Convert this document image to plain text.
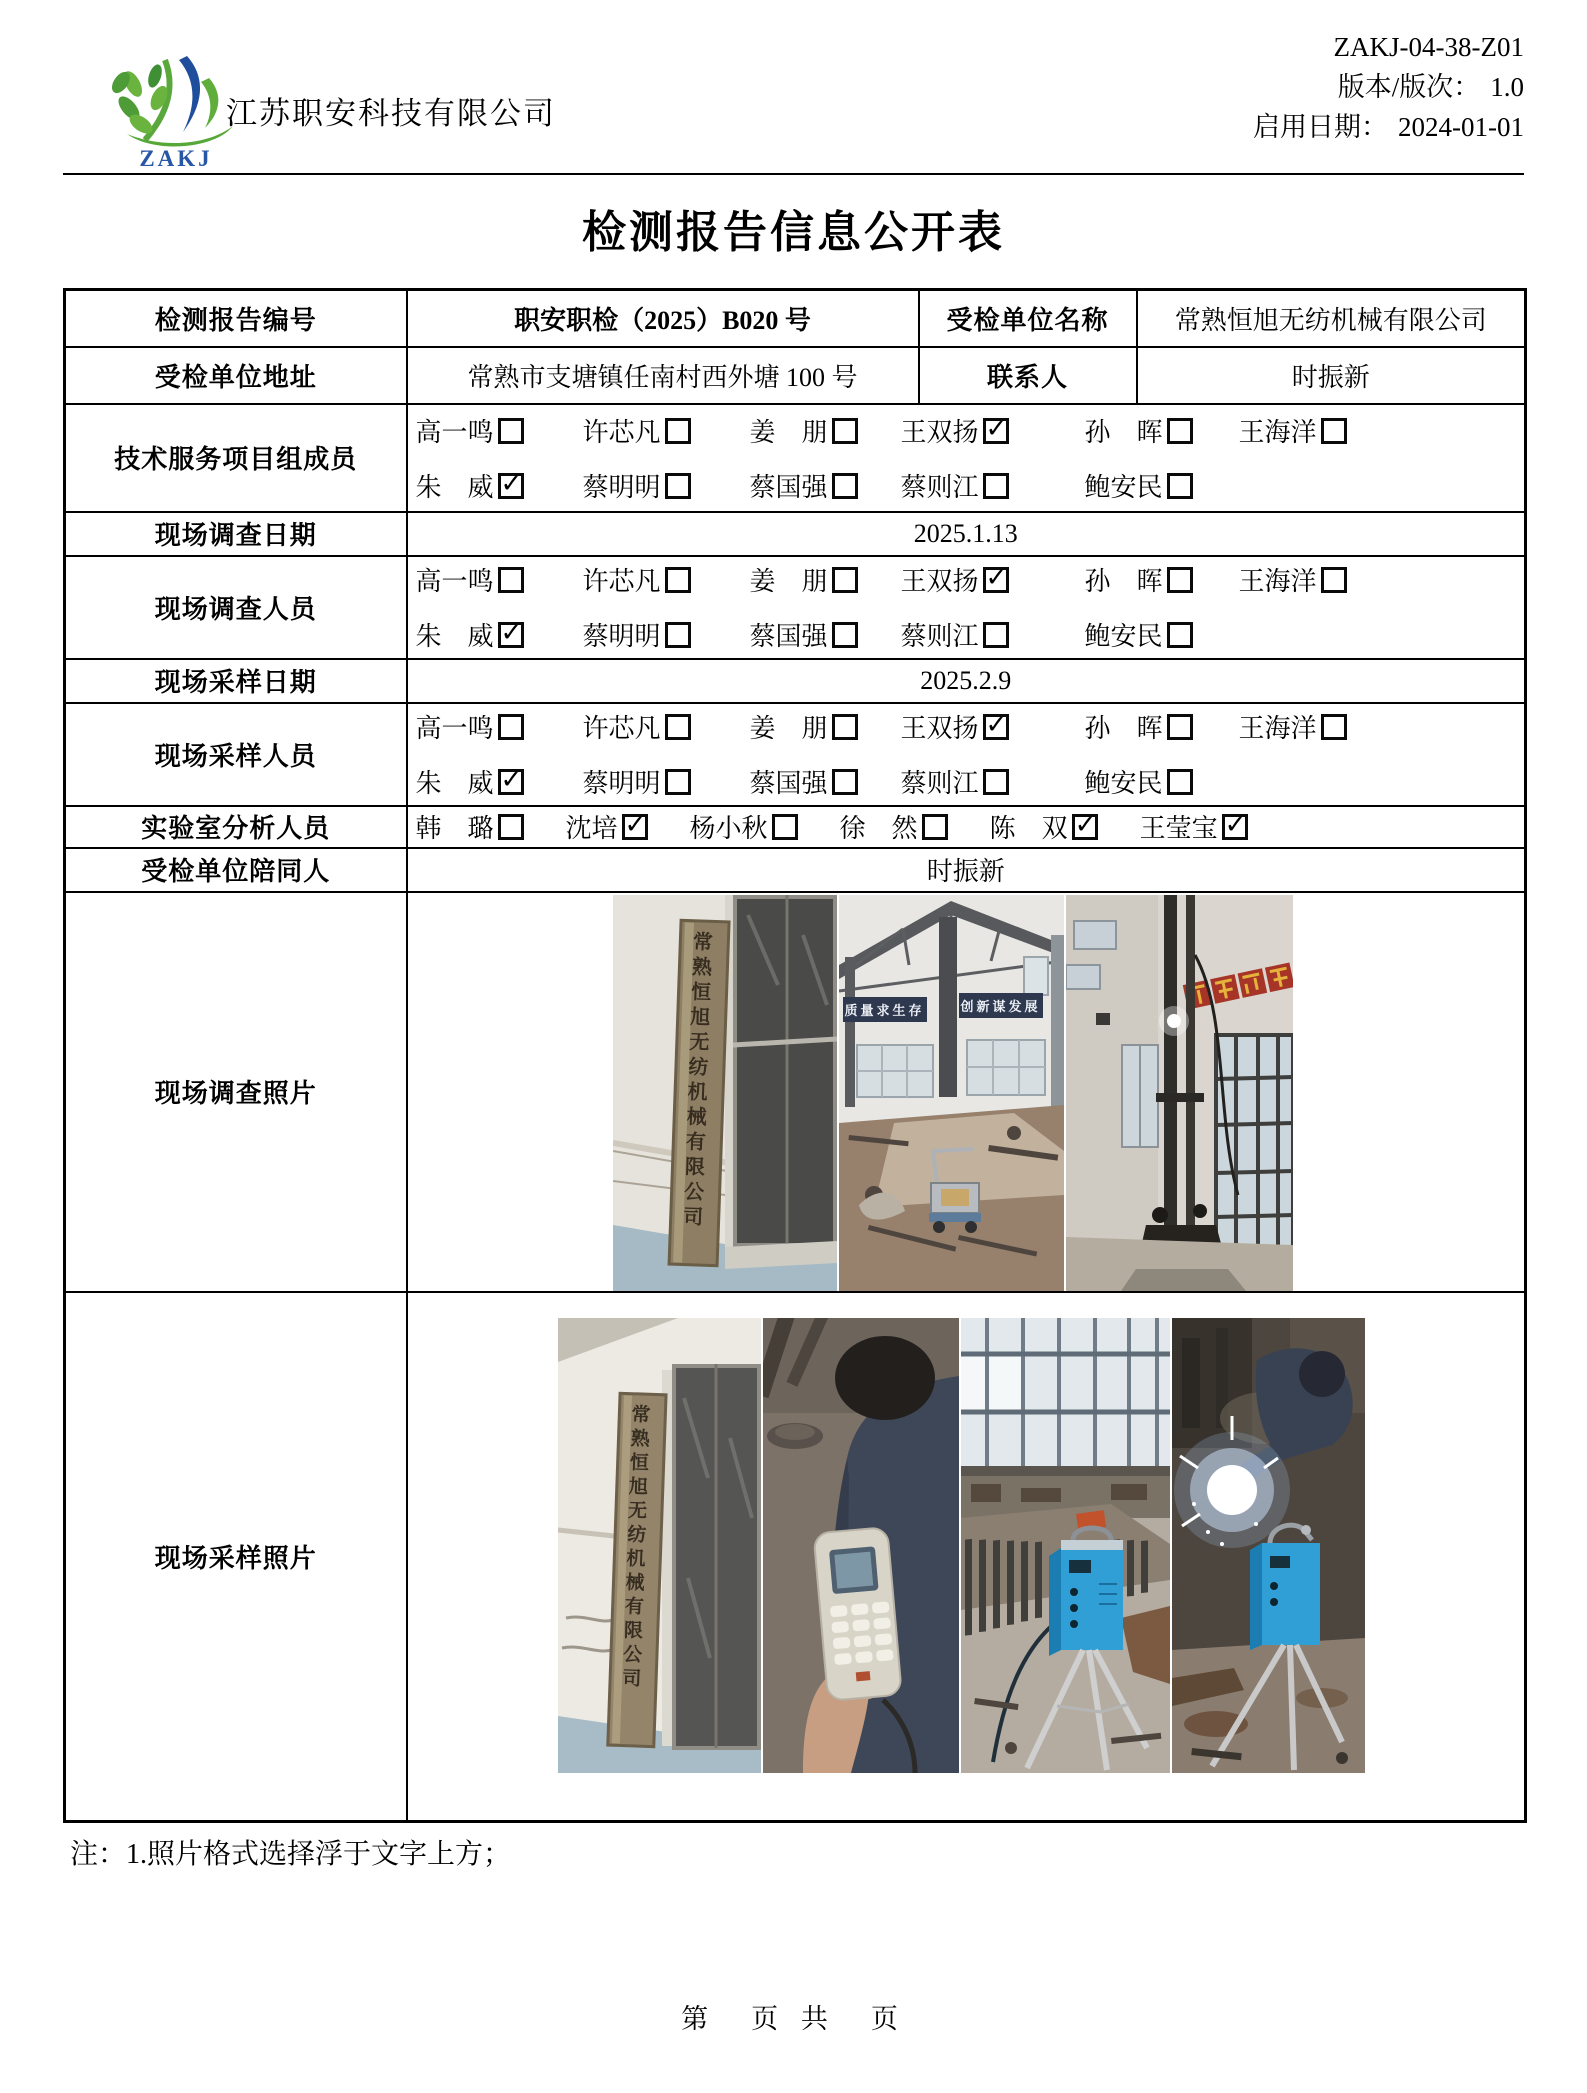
ZAKJ
江苏职安科技有限公司
ZAKJ-04-38-Z01
版本/版次： 1.0
启用日期： 2024-01-01
检测报告信息公开表
检测报告编号	职安职检（2025）B020 号	受检单位名称	常熟恒旭无纺机械有限公司
受检单位地址	常熟市支塘镇任南村西外塘 100 号	联系人	时振新
技术服务项目组成员	
高一鸣	许芯凡	姜　朋	王双扬 ✓	孙　晖	王海洋
朱　威 ✓	蔡明明	蔡国强	蔡则江	鲍安民

现场调查日期	2025.1.13		
现场调查人员	
高一鸣	许芯凡	姜　朋	王双扬 ✓	孙　晖	王海洋
朱　威 ✓	蔡明明	蔡国强	蔡则江	鲍安民

现场采样日期	2025.2.9		
现场采样人员	
高一鸣	许芯凡	姜　朋	王双扬 ✓	孙　晖	王海洋
朱　威 ✓	蔡明明	蔡国强	蔡则江	鲍安民

实验室分析人员	韩　璐	沈培 ✓	杨小秋	徐　然	陈　双 ✓	王莹宝✓

受检单位陪同人	时振新		
现场调查照片	常熟恒旭无纺机械有限公司 质量求生存 创新谋发展		

现场采样照片	常熟恒旭无纺机械有限公司		
注：1.照片格式选择浮于文字上方；
第　页 共　页
